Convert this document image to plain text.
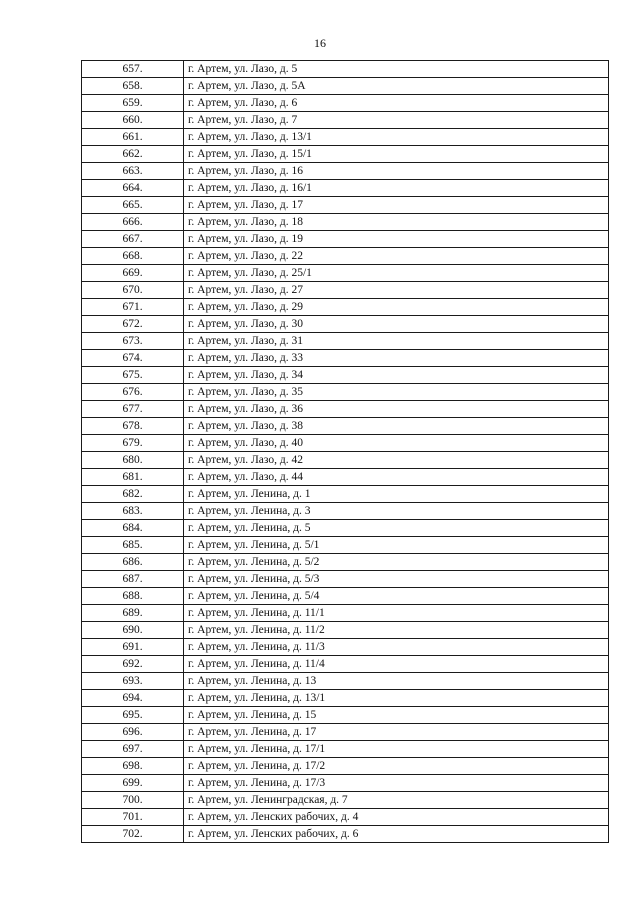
16
657.	г. Артем, ул. Лазо, д. 5
658.	г. Артем, ул. Лазо, д. 5А
659.	г. Артем, ул. Лазо, д. 6
660.	г. Артем, ул. Лазо, д. 7
661.	г. Артем, ул. Лазо, д. 13/1
662.	г. Артем, ул. Лазо, д. 15/1
663.	г. Артем, ул. Лазо, д. 16
664.	г. Артем, ул. Лазо, д. 16/1
665.	г. Артем, ул. Лазо, д. 17
666.	г. Артем, ул. Лазо, д. 18
667.	г. Артем, ул. Лазо, д. 19
668.	г. Артем, ул. Лазо, д. 22
669.	г. Артем, ул. Лазо, д. 25/1
670.	г. Артем, ул. Лазо, д. 27
671.	г. Артем, ул. Лазо, д. 29
672.	г. Артем, ул. Лазо, д. 30
673.	г. Артем, ул. Лазо, д. 31
674.	г. Артем, ул. Лазо, д. 33
675.	г. Артем, ул. Лазо, д. 34
676.	г. Артем, ул. Лазо, д. 35
677.	г. Артем, ул. Лазо, д. 36
678.	г. Артем, ул. Лазо, д. 38
679.	г. Артем, ул. Лазо, д. 40
680.	г. Артем, ул. Лазо, д. 42
681.	г. Артем, ул. Лазо, д. 44
682.	г. Артем, ул. Ленина, д. 1
683.	г. Артем, ул. Ленина, д. 3
684.	г. Артем, ул. Ленина, д. 5
685.	г. Артем, ул. Ленина, д. 5/1
686.	г. Артем, ул. Ленина, д. 5/2
687.	г. Артем, ул. Ленина, д. 5/3
688.	г. Артем, ул. Ленина, д. 5/4
689.	г. Артем, ул. Ленина, д. 11/1
690.	г. Артем, ул. Ленина, д. 11/2
691.	г. Артем, ул. Ленина, д. 11/3
692.	г. Артем, ул. Ленина, д. 11/4
693.	г. Артем, ул. Ленина, д. 13
694.	г. Артем, ул. Ленина, д. 13/1
695.	г. Артем, ул. Ленина, д. 15
696.	г. Артем, ул. Ленина, д. 17
697.	г. Артем, ул. Ленина, д. 17/1
698.	г. Артем, ул. Ленина, д. 17/2
699.	г. Артем, ул. Ленина, д. 17/3
700.	г. Артем, ул. Ленинградская, д. 7
701.	г. Артем, ул. Ленских рабочих, д. 4
702.	г. Артем, ул. Ленских рабочих, д. 6
